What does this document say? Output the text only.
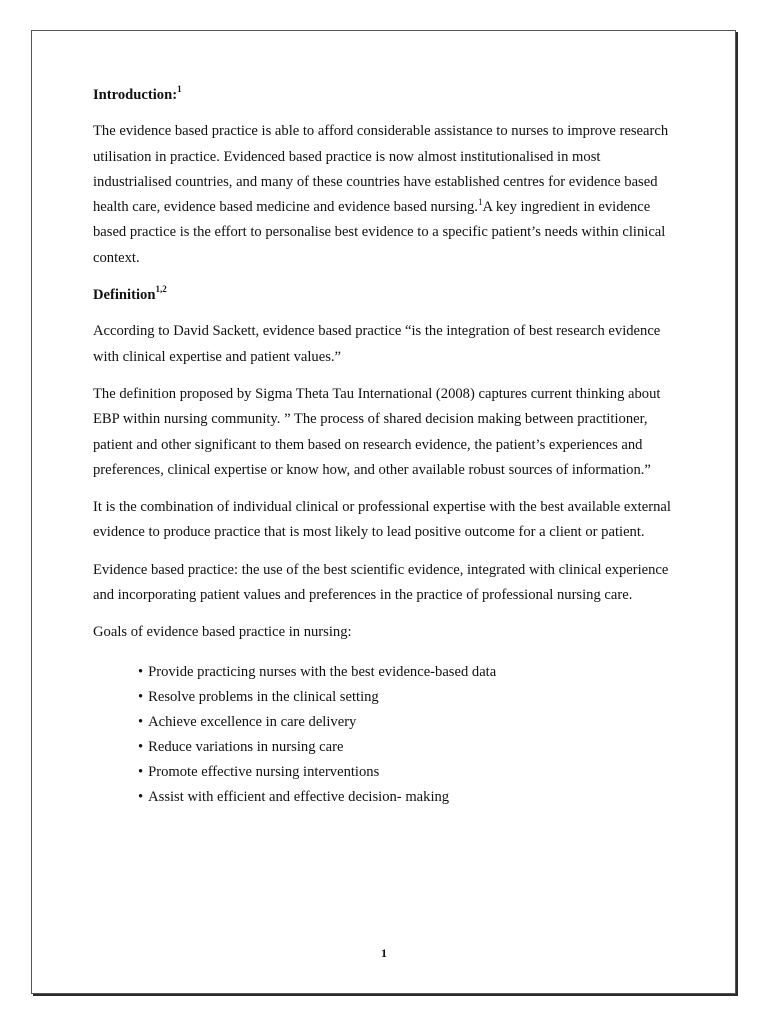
Introduction:$^1$

The evidence based practice is able to afford considerable assistance to nurses to improve research utilisation in practice. Evidenced based practice is now almost institutionalised in most industrialised countries, and many of these countries have established centres for evidence based health care, evidence based medicine and evidence based nursing.$^1$A key ingredient in evidence based practice is the effort to personalise best evidence to a specific patient’s needs within clinical context.

Definition$^{1,2}$

According to David Sackett, evidence based practice “is the integration of best research evidence with clinical expertise and patient values.”

The definition proposed by Sigma Theta Tau International (2008) captures current thinking about EBP within nursing community. ” The process of shared decision making between practitioner, patient and other significant to them based on research evidence, the patient’s experiences and preferences, clinical expertise or know how, and other available robust sources of information.”

It is the combination of individual clinical or professional expertise with the best available external evidence to produce practice that is most likely to lead positive outcome for a client or patient.

Evidence based practice: the use of the best scientific evidence, integrated with clinical experience and incorporating patient values and preferences in the practice of professional nursing care.

Goals of evidence based practice in nursing:

• Provide practicing nurses with the best evidence-based data
• Resolve problems in the clinical setting
• Achieve excellence in care delivery
• Reduce variations in nursing care
• Promote effective nursing interventions
• Assist with efficient and effective decision- making
1
